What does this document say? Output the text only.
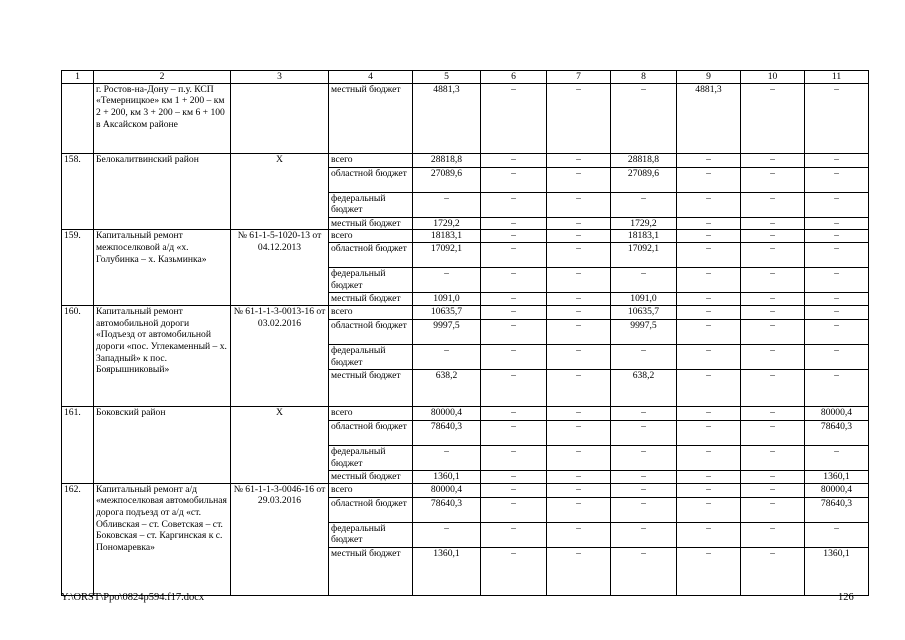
1	2	3	4	5	6	7	8	9	10	11
	г. Ростов-на-Дону – п.у. КСП «Темерницкое» км 1 + 200 – км 2 + 200, км 3 + 200 – км 6 + 100 в Аксайском районе		местный бюджет	4881,3	–	–	–	4881,3	–	–
158.	Белокалитвинский район	Х	всего	28818,8	–	–	28818,8	–	–	–
			областной бюджет	27089,6	–	–	27089,6	–	–	–
			федеральный бюджет	–	–	–	–	–	–	–
			местный бюджет	1729,2	–	–	1729,2	–	–	–
159.	Капитальный ремонт межпоселковой а/д «х. Голубинка – х. Казьминка»	№ 61-1-5-1020-13 от 04.12.2013	всего	18183,1	–	–	18183,1	–	–	–
			областной бюджет	17092,1	–	–	17092,1	–	–	–
			федеральный бюджет	–	–	–	–	–	–	–
			местный бюджет	1091,0	–	–	1091,0	–	–	–
160.	Капитальный ремонт автомобильной дороги «Подъезд от автомобильной дороги «пос. Углекаменный – х. Западный» к пос. Боярышниковый»	№ 61-1-1-3-0013-16 от 03.02.2016	всего	10635,7	–	–	10635,7	–	–	–
			областной бюджет	9997,5	–	–	9997,5	–	–	–
			федеральный бюджет	–	–	–	–	–	–	–
			местный бюджет	638,2	–	–	638,2	–	–	–
161.	Боковский район	Х	всего	80000,4	–	–	–	–	–	80000,4
			областной бюджет	78640,3	–	–	–	–	–	78640,3
			федеральный бюджет	–	–	–	–	–	–	–
			местный бюджет	1360,1	–	–	–	–	–	1360,1
162.	Капитальный ремонт а/д «межпоселковая автомобильная дорога подъезд от а/д «ст. Обливская – ст. Советская – ст. Боковская – ст. Каргинская к с. Пономаревка»	№ 61-1-1-3-0046-16 от 29.03.2016	всего	80000,4	–	–	–	–	–	80000,4
			областной бюджет	78640,3	–	–	–	–	–	78640,3
			федеральный бюджет	–	–	–	–	–	–	–
			местный бюджет	1360,1	–	–	–	–	–	1360,1
Y:\ORST\Ppo\0824p594.f17.docx	126
